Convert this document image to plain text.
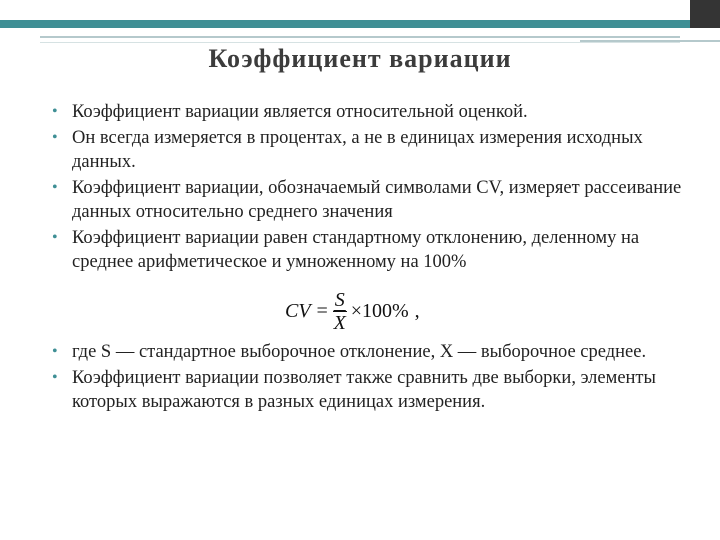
Коэффициент вариации
• Коэффициент вариации является относительной оценкой.
• Он всегда измеряется в процентах, а не в единицах измерения исходных данных.
• Коэффициент вариации, обозначаемый символами CV, измеряет рассеивание данных относительно среднего значения
• Коэффициент вариации равен стандартному отклонению, деленному на среднее арифметическое и умноженному на 100%
CV = $\frac{S}{X} \times 100\%$ ,
• где S — стандартное выборочное отклонение, X — выборочное среднее.
• Коэффициент вариации позволяет также сравнить две выборки, элементы которых выражаются в разных единицах измерения.
